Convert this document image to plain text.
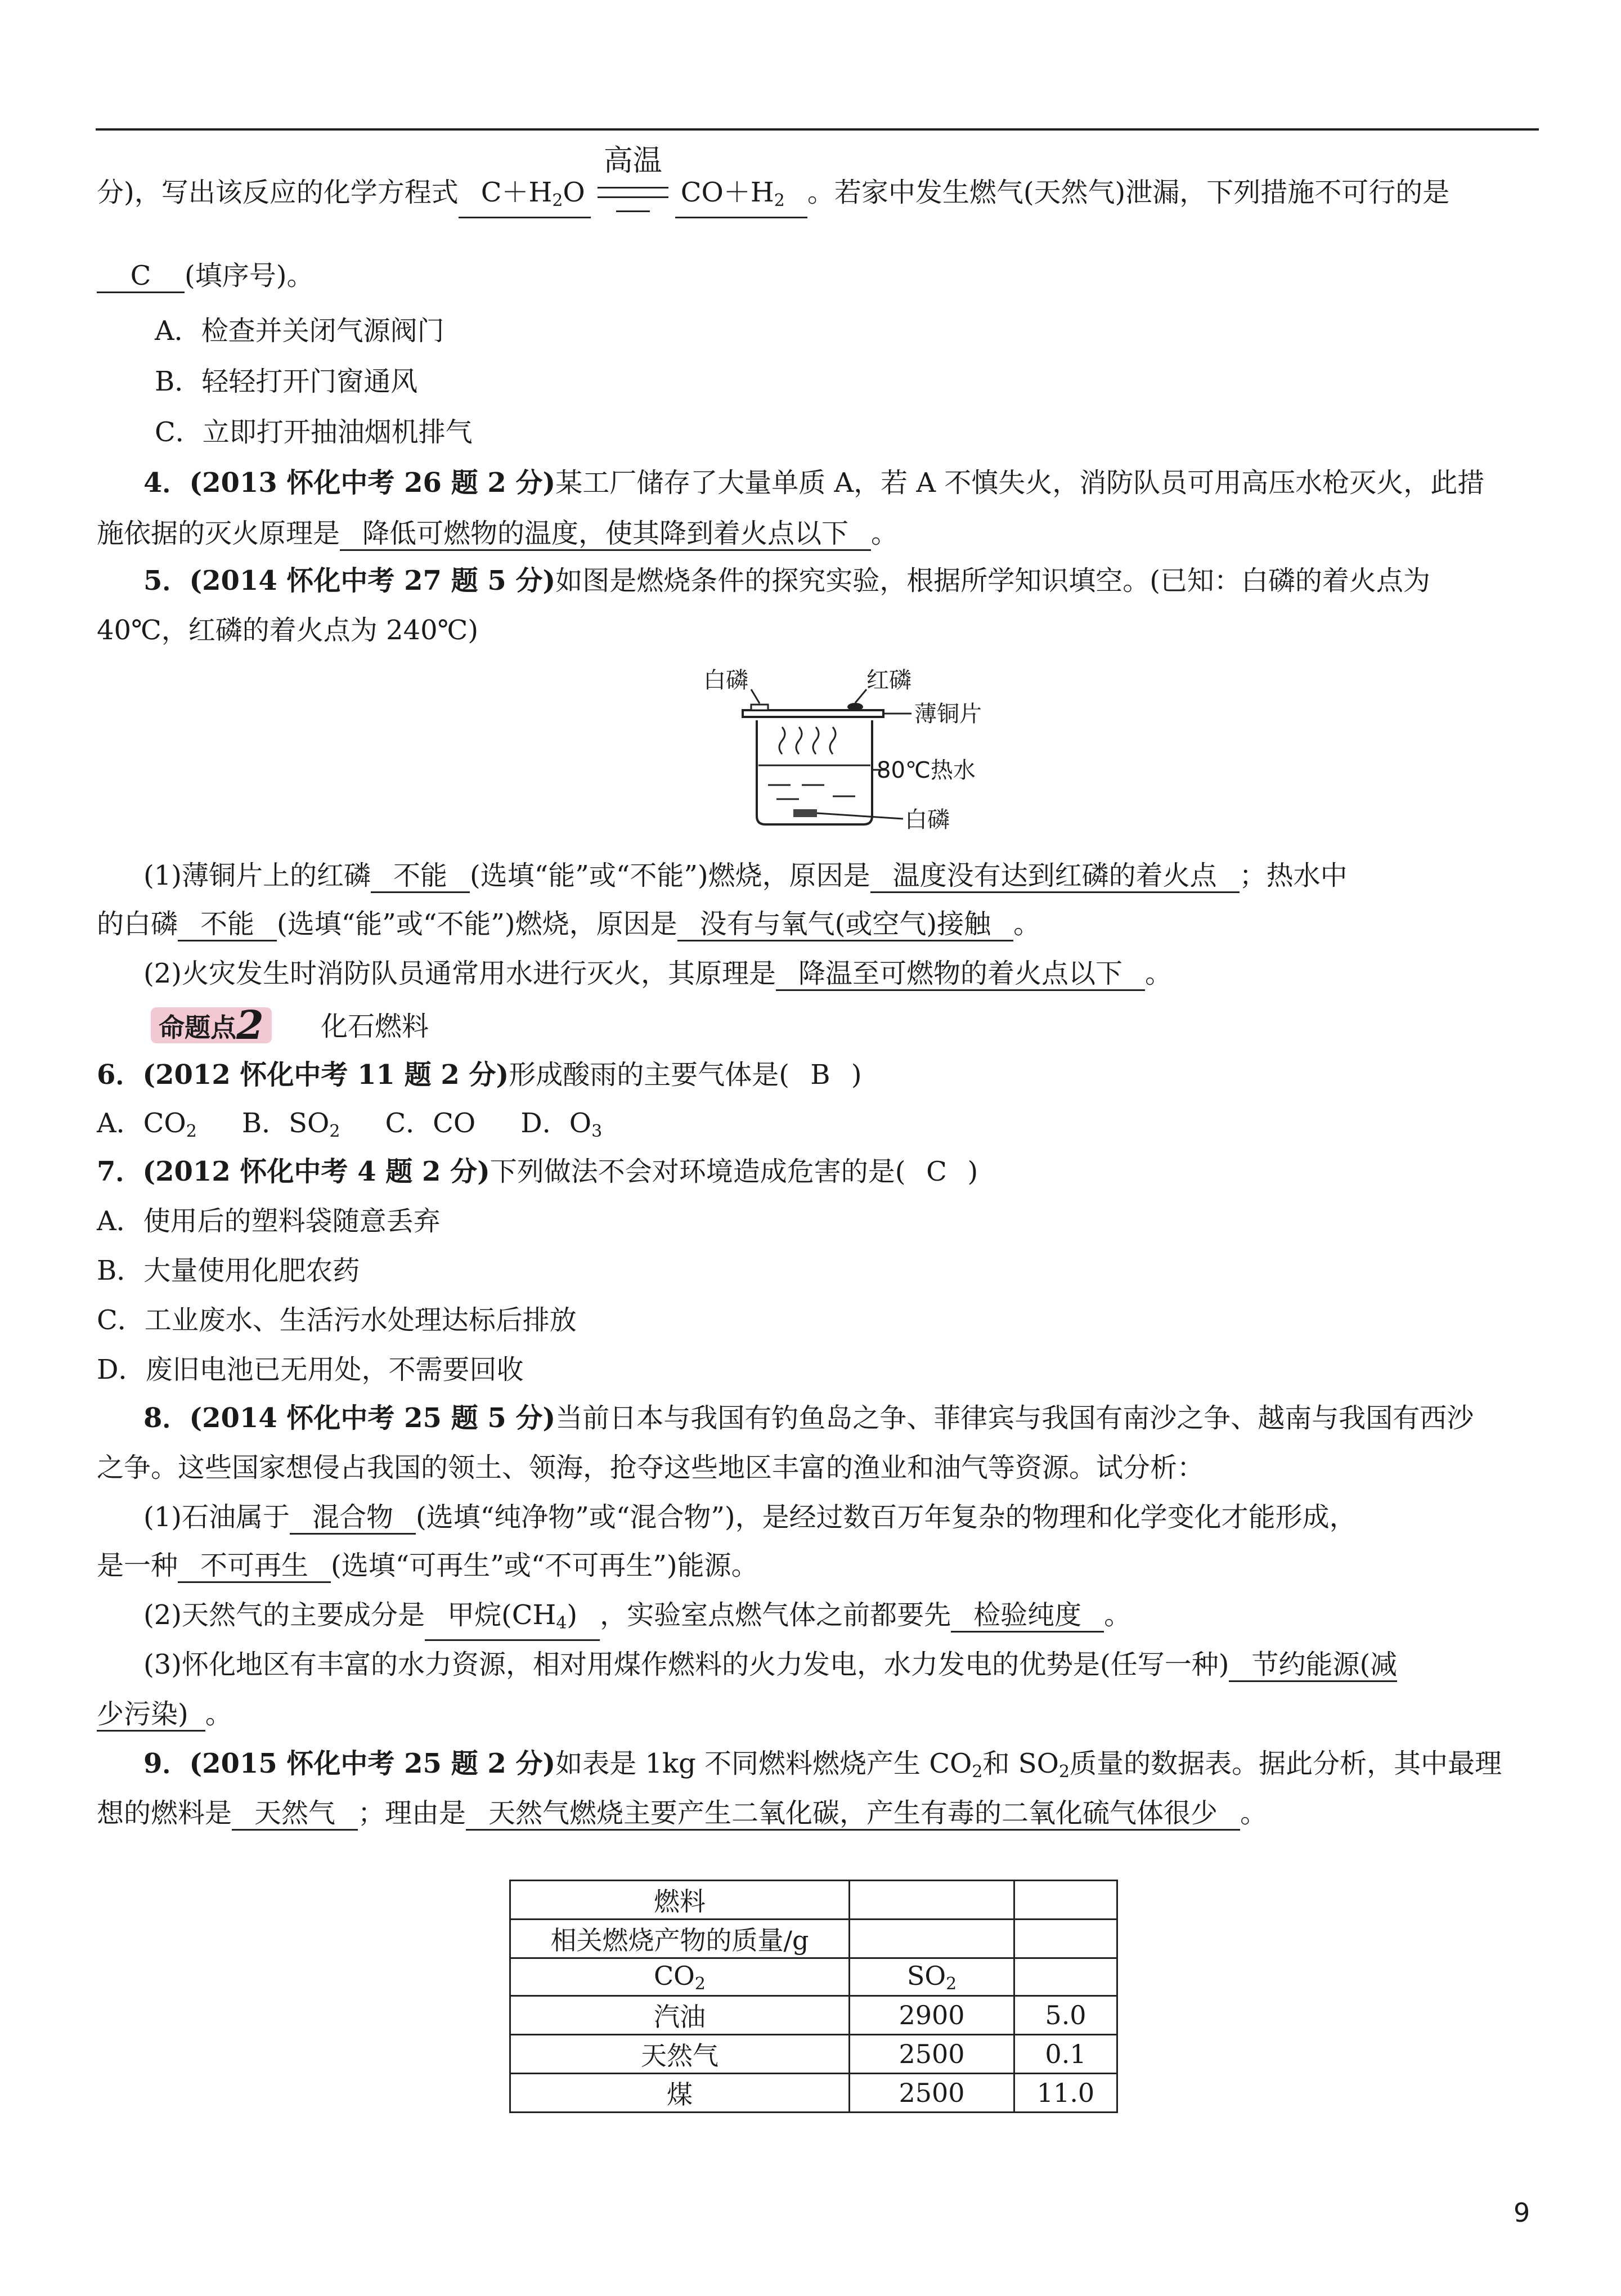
分)，写出该反应的化学方程式 $C+H_2O$
高温
$CO+H_2$ 。若家中发生燃气(天然气)泄漏，下列措施不可行的是
C (填序号)。
A．检查并关闭气源阀门
B．轻轻打开门窗通风
C．立即打开抽油烟机排气
4．(2013 怀化中考 26 题 2 分)某工厂储存了大量单质 A，若 A 不慎失火，消防队员可用高压水枪灭火，此措
施依据的灭火原理是 降低可燃物的温度，使其降到着火点以下 。
5．(2014 怀化中考 27 题 5 分)如图是燃烧条件的探究实验，根据所学知识填空。(已知：白磷的着火点为
40℃，红磷的着火点为 240℃)
白磷	红磷
薄铜片
80℃热水
白磷
(1)薄铜片上的红磷 不能 (选填“能”或“不能”)燃烧，原因是 温度没有达到红磷的着火点 ；热水中
的白磷 不能 (选填“能”或“不能”)燃烧，原因是 没有与氧气(或空气)接触 。
(2)火灾发生时消防队员通常用水进行灭火，其原理是 降温至可燃物的着火点以下 。
命题点2 化石燃料
6．(2012 怀化中考 11 题 2 分)形成酸雨的主要气体是( B )
A．$CO_2$ B．$SO_2$ C．CO D．$O_3$
7．(2012 怀化中考 4 题 2 分)下列做法不会对环境造成危害的是( C )
A．使用后的塑料袋随意丢弃
B．大量使用化肥农药
C．工业废水、生活污水处理达标后排放
D．废旧电池已无用处，不需要回收
8．(2014 怀化中考 25 题 5 分)当前日本与我国有钓鱼岛之争、菲律宾与我国有南沙之争、越南与我国有西沙
之争。这些国家想侵占我国的领土、领海，抢夺这些地区丰富的渔业和油气等资源。试分析：
(1)石油属于 混合物 (选填“纯净物”或“混合物”)，是经过数百万年复杂的物理和化学变化才能形成，
是一种 不可再生 (选填“可再生”或“不可再生”)能源。
(2)天然气的主要成分是 甲烷$(CH_4)$ ，实验室点燃气体之前都要先 检验纯度 。
(3)怀化地区有丰富的水力资源，相对用煤作燃料的火力发电，水力发电的优势是(任写一种) 节约能源(减
少污染) 。
9．(2015 怀化中考 25 题 2 分)如表是 1kg 不同燃料燃烧产生 $CO_2$和 $SO_2$质量的数据表。据此分析，其中最理
想的燃料是 天然气 ；理由是 天然气燃烧主要产生二氧化碳，产生有毒的二氧化硫气体很少 。
燃料		
相关燃烧产物的质量/g		
$CO_2$	$SO_2$	
汽油	2900	5.0
天然气	2500	0.1
煤	2500	11.0
9
